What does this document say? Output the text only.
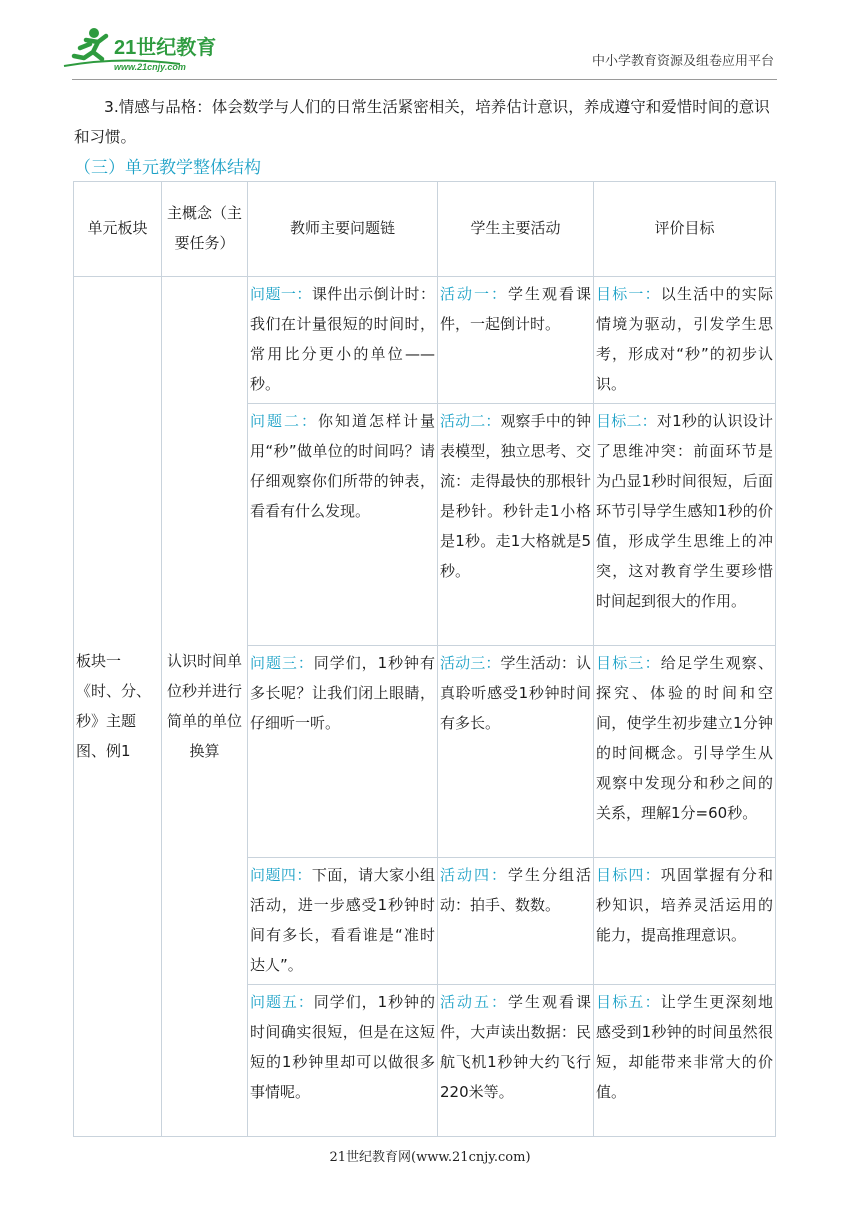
21世纪教育
www.21cnjy.com	中小学教育资源及组卷应用平台
3.情感与品格：体会数学与人们的日常生活紧密相关，培养估计意识，养成遵守和爱惜时间的意识和习惯。
（三）单元教学整体结构
单元板块	主概念（主要任务）	教师主要问题链	学生主要活动	评价目标
板块一《时、分、秒》主题图、例1	认识时间单位秒并进行简单的单位换算	问题一：课件出示倒计时：我们在计量很短的时间时，常用比分更小的单位——秒。	活动一：学生观看课件，一起倒计时。	目标一：以生活中的实际情境为驱动，引发学生思考，形成对“秒”的初步认识。
		问题二：你知道怎样计量用“秒”做单位的时间吗？请仔细观察你们所带的钟表，看看有什么发现。	活动二：观察手中的钟表模型，独立思考、交流：走得最快的那根针是秒针。秒针走1小格是1秒。走1大格就是5秒。	目标二：对1秒的认识设计了思维冲突：前面环节是为凸显1秒时间很短，后面环节引导学生感知1秒的价值，形成学生思维上的冲突，这对教育学生要珍惜时间起到很大的作用。
		问题三：同学们，1秒钟有多长呢？让我们闭上眼睛，仔细听一听。	活动三：学生活动：认真聆听感受1秒钟时间有多长。	目标三：给足学生观察、探究、体验的时间和空间，使学生初步建立1分钟的时间概念。引导学生从观察中发现分和秒之间的关系，理解1分=60秒。
		问题四：下面，请大家小组活动，进一步感受1秒钟时间有多长，看看谁是“准时达人”。	活动四：学生分组活动：拍手、数数。	目标四：巩固掌握有分和秒知识，培养灵活运用的能力，提高推理意识。
		问题五：同学们，1秒钟的时间确实很短，但是在这短短的1秒钟里却可以做很多事情呢。	活动五：学生观看课件，大声读出数据：民航飞机1秒钟大约飞行220米等。	目标五：让学生更深刻地感受到1秒钟的时间虽然很短，却能带来非常大的价值。
21世纪教育网(www.21cnjy.com)
